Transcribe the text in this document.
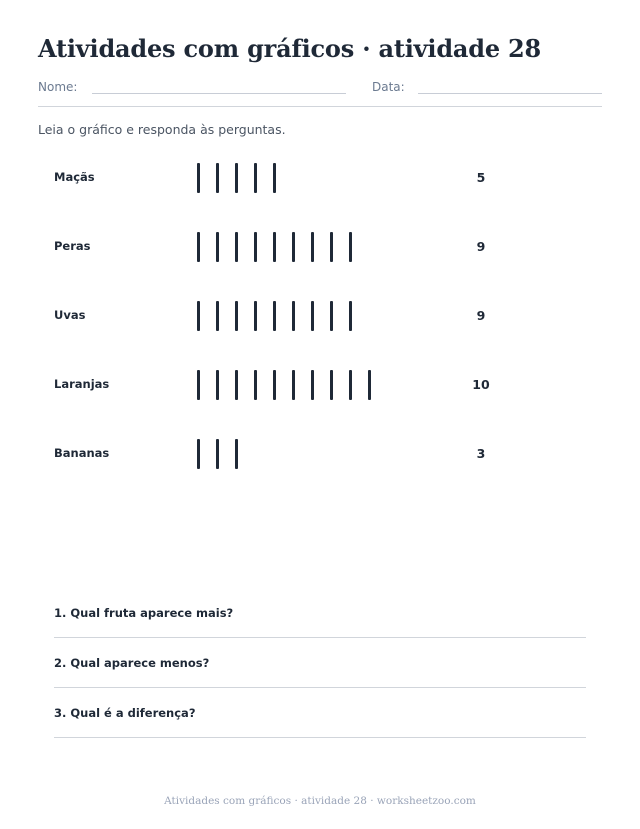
Atividades com gráficos · atividade 28
Nome:	Data:
Leia o gráfico e responda às perguntas.
Maçãs	5
Peras	9
Uvas	9
Laranjas	10
Bananas	3
1. Qual fruta aparece mais?
2. Qual aparece menos?
3. Qual é a diferença?
Atividades com gráficos · atividade 28 · worksheetzoo.com
